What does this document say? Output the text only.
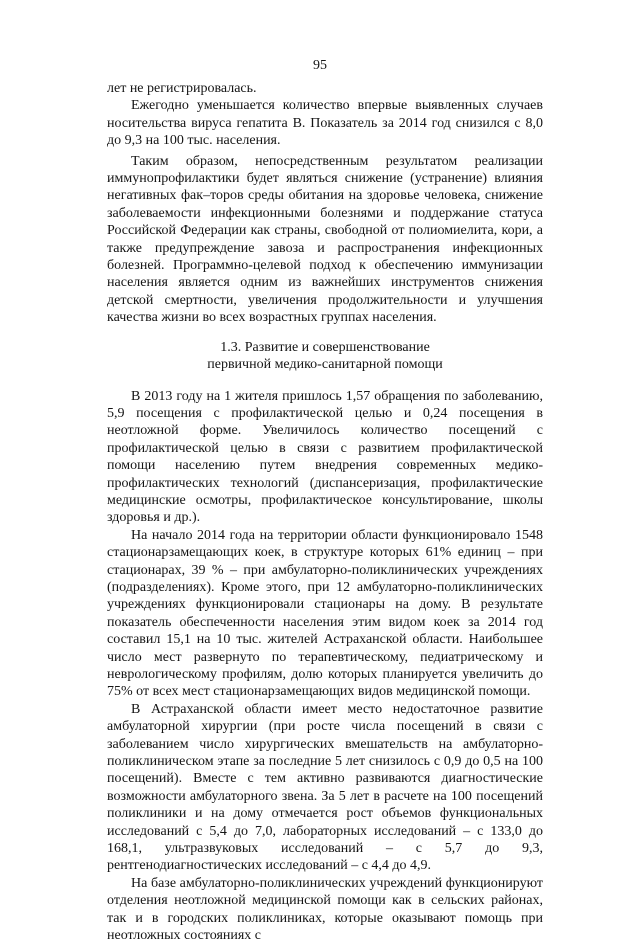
95

лет не регистрировалась.

Ежегодно уменьшается количество впервые выявленных случаев носительства вируса гепатита B. Показатель за 2014 год снизился с 8,0 до 9,3 на 100 тыс. населения.

Таким образом, непосредственным результатом реализации иммунопрофилактики будет являться снижение (устранение) влияния негативных фак–торов среды обитания на здоровье человека, снижение заболеваемости инфекционными болезнями и поддержание статуса Российской Федерации как страны, свободной от полиомиелита, кори, а также предупреждение завоза и распространения инфекционных болезней. Программно-целевой подход к обеспечению иммунизации населения является одним из важнейших инструментов снижения детской смертности, увеличения продолжительности и улучшения качества жизни во всех возрастных группах населения.

1.3. Развитие и совершенствование
первичной медико-санитарной помощи

В 2013 году на 1 жителя пришлось 1,57 обращения по заболеванию, 5,9 посещения с профилактической целью и 0,24 посещения в неотложной форме. Увеличилось количество посещений с профилактической целью в связи с развитием профилактической помощи населению путем внедрения современных медико-профилактических технологий (диспансеризация, профилактические медицинские осмотры, профилактическое консультирование, школы здоровья и др.).

На начало 2014 года на территории области функционировало 1548 стационарзамещающих коек, в структуре которых 61% единиц – при стационарах, 39 % – при амбулаторно-поликлинических учреждениях (подразделениях). Кроме этого, при 12 амбулаторно-поликлинических учреждениях функционировали стационары на дому. В результате показатель обеспеченности населения этим видом коек за 2014 год составил 15,1 на 10 тыс. жителей Астраханской области. Наибольшее число мест развернуто по терапевтическому, педиатрическому и неврологическому профилям, долю которых планируется увеличить до 75% от всех мест стационарзамещающих видов медицинской помощи.

В Астраханской области имеет место недостаточное развитие амбулаторной хирургии (при росте числа посещений в связи с заболеванием число хирургических вмешательств на амбулаторно-поликлиническом этапе за последние 5 лет снизилось с 0,9 до 0,5 на 100 посещений). Вместе с тем активно развиваются диагностические возможности амбулаторного звена. За 5 лет в расчете на 100 посещений поликлиники и на дому отмечается рост объемов функциональных исследований с 5,4 до 7,0, лабораторных исследований – с 133,0 до 168,1, ультразвуковых исследований – с 5,7 до 9,3, рентгенодиагностических исследований – с 4,4 до 4,9.

На базе амбулаторно-поликлинических учреждений функционируют отделения неотложной медицинской помощи как в сельских районах, так и в городских поликлиниках, которые оказывают помощь при неотложных состояниях с
